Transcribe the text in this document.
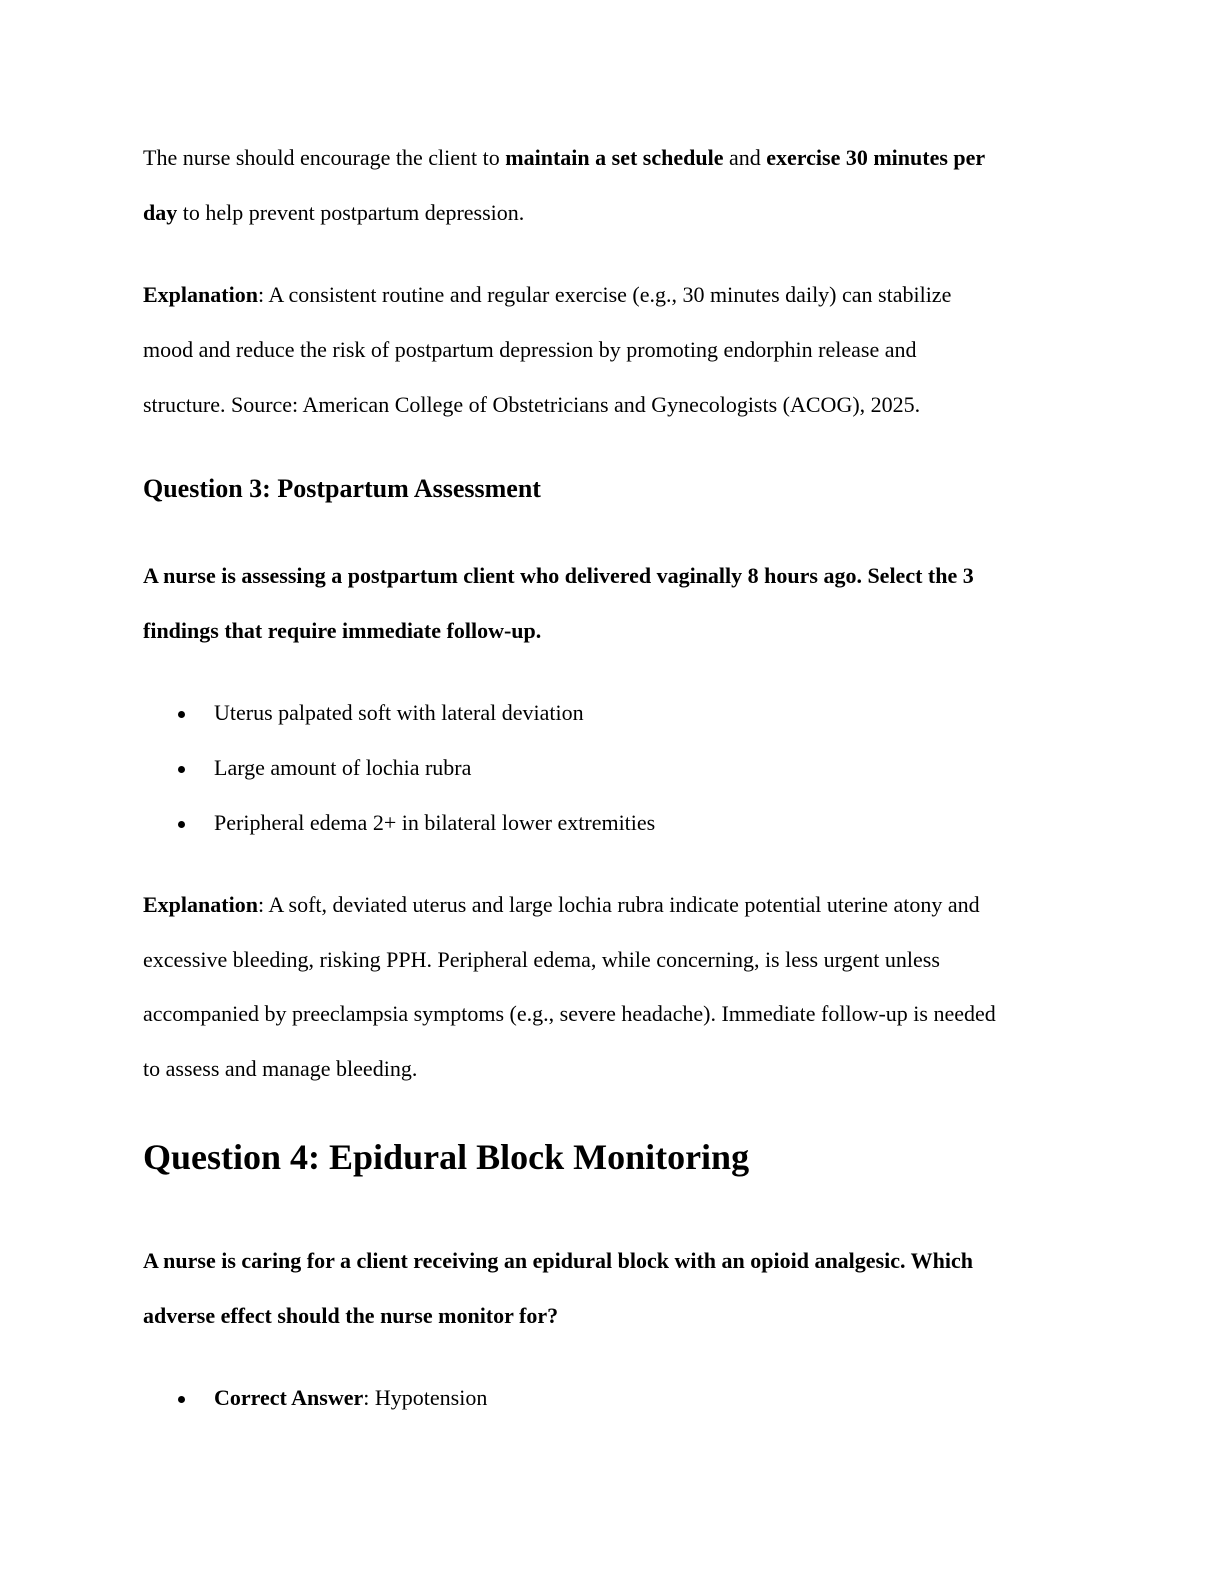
The nurse should encourage the client to maintain a set schedule and exercise 30 minutes per
day to help prevent postpartum depression.
Explanation: A consistent routine and regular exercise (e.g., 30 minutes daily) can stabilize
mood and reduce the risk of postpartum depression by promoting endorphin release and
structure. Source: American College of Obstetricians and Gynecologists (ACOG), 2025.
Question 3: Postpartum Assessment
A nurse is assessing a postpartum client who delivered vaginally 8 hours ago. Select the 3
findings that require immediate follow-up.
Uterus palpated soft with lateral deviation
Large amount of lochia rubra
Peripheral edema 2+ in bilateral lower extremities
Explanation: A soft, deviated uterus and large lochia rubra indicate potential uterine atony and
excessive bleeding, risking PPH. Peripheral edema, while concerning, is less urgent unless
accompanied by preeclampsia symptoms (e.g., severe headache). Immediate follow-up is needed
to assess and manage bleeding.
Question 4: Epidural Block Monitoring
A nurse is caring for a client receiving an epidural block with an opioid analgesic. Which
adverse effect should the nurse monitor for?
Correct Answer: Hypotension
